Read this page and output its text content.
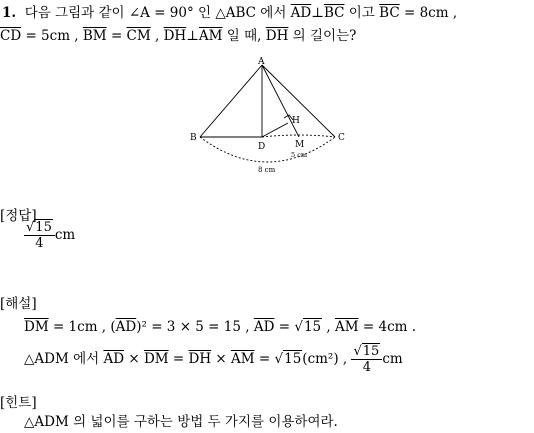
1. 다음 그림과 같이 ∠A = 90° 인 △ABC 에서 $\overline{AD}\perp\overline{BC}$ 이고 $\overline{BC} = 8cm$ ,
$\overline{CD} = 5cm$ , $\overline{BM} = \overline{CM}$ , $\overline{DH}\perp\overline{AM}$ 일 때, $\overline{DH}$ 의 길이는?
A
B	C
D
H
M
5 cm
8 cm
[정답]
$\frac{√15}{4}$ cm
[해설]
$\overline{DM} = 1cm$ , $(\overline{AD})^2 = 3 \times 5 = 15$ , $\overline{AD} = √15$ , $\overline{AM} = 4cm$ .
△ADM 에서 $\overline{AD} \times \overline{DM} = \overline{DH} \times \overline{AM} = √15(cm^2)$ , $\frac{√15}{4}$ cm
[힌트]
△ADM 의 넓이를 구하는 방법 두 가지를 이용하여라.
